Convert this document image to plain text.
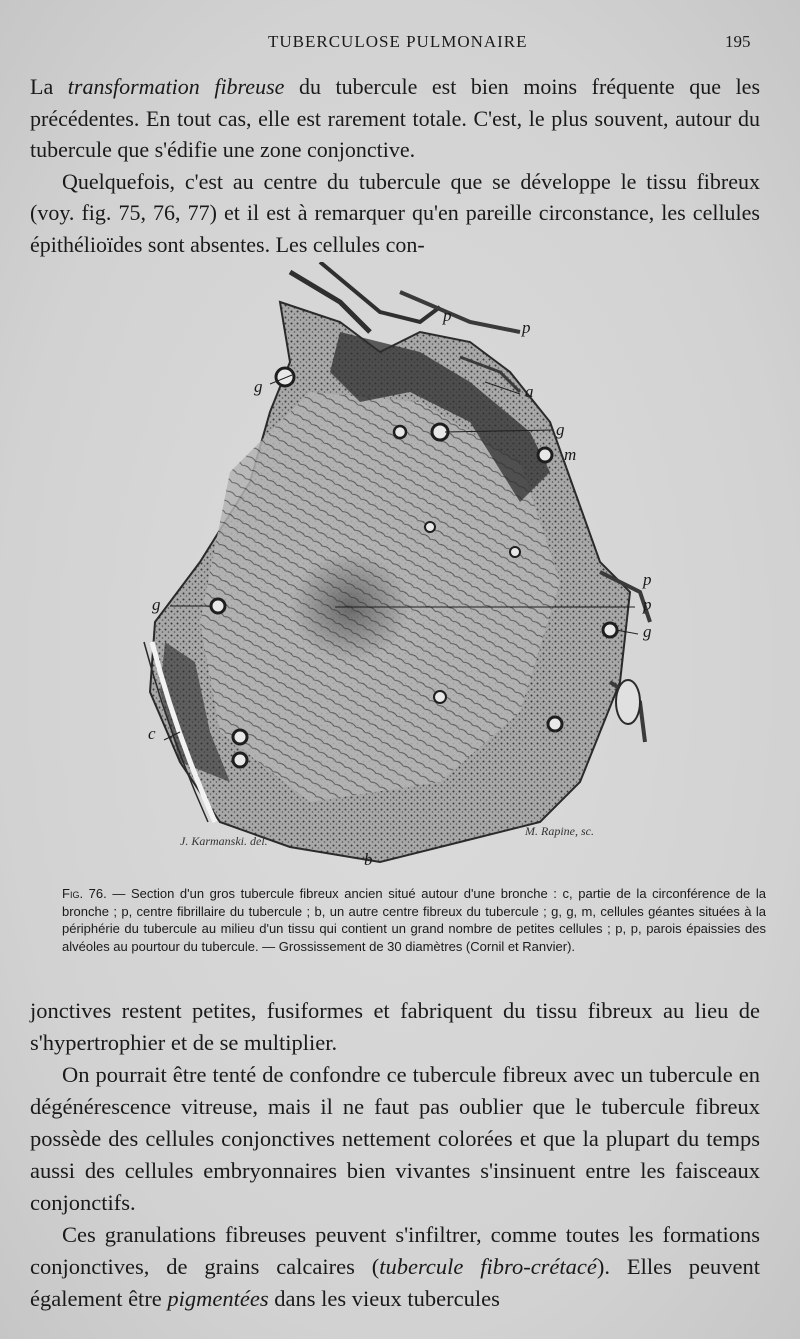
TUBERCULOSE PULMONAIRE	195

La transformation fibreuse du tubercule est bien moins fréquente que les précédentes. En tout cas, elle est rarement totale. C'est, le plus souvent, autour du tubercule que s'édifie une zone conjonctive.

Quelquefois, c'est au centre du tubercule que se développe le tissu fibreux (voy. fig. 75, 76, 77) et il est à remarquer qu'en pareille circonstance, les cellules épithélioïdes sont absentes. Les cellules con-

p
p
a
g
g
m
p
p
g
g
c
b
J. Karmanski. del.
M. Rapine, sc.
Fig. 76. — Section d'un gros tubercule fibreux ancien situé autour d'une bronche : c, partie de la circonférence de la bronche ; p, centre fibrillaire du tubercule ; b, un autre centre fibreux du tubercule ; g, g, m, cellules géantes situées à la périphérie du tubercule au milieu d'un tissu qui contient un grand nombre de petites cellules ; p, p, parois épaissies des alvéoles au pourtour du tubercule. — Grossissement de 30 diamètres (Cornil et Ranvier).

jonctives restent petites, fusiformes et fabriquent du tissu fibreux au lieu de s'hypertrophier et de se multiplier.

On pourrait être tenté de confondre ce tubercule fibreux avec un tubercule en dégénérescence vitreuse, mais il ne faut pas oublier que le tubercule fibreux possède des cellules conjonctives nettement colorées et que la plupart du temps aussi des cellules embryonnaires bien vivantes s'insinuent entre les faisceaux conjonctifs.

Ces granulations fibreuses peuvent s'infiltrer, comme toutes les formations conjonctives, de grains calcaires (tubercule fibro-crétacé). Elles peuvent également être pigmentées dans les vieux tubercules
